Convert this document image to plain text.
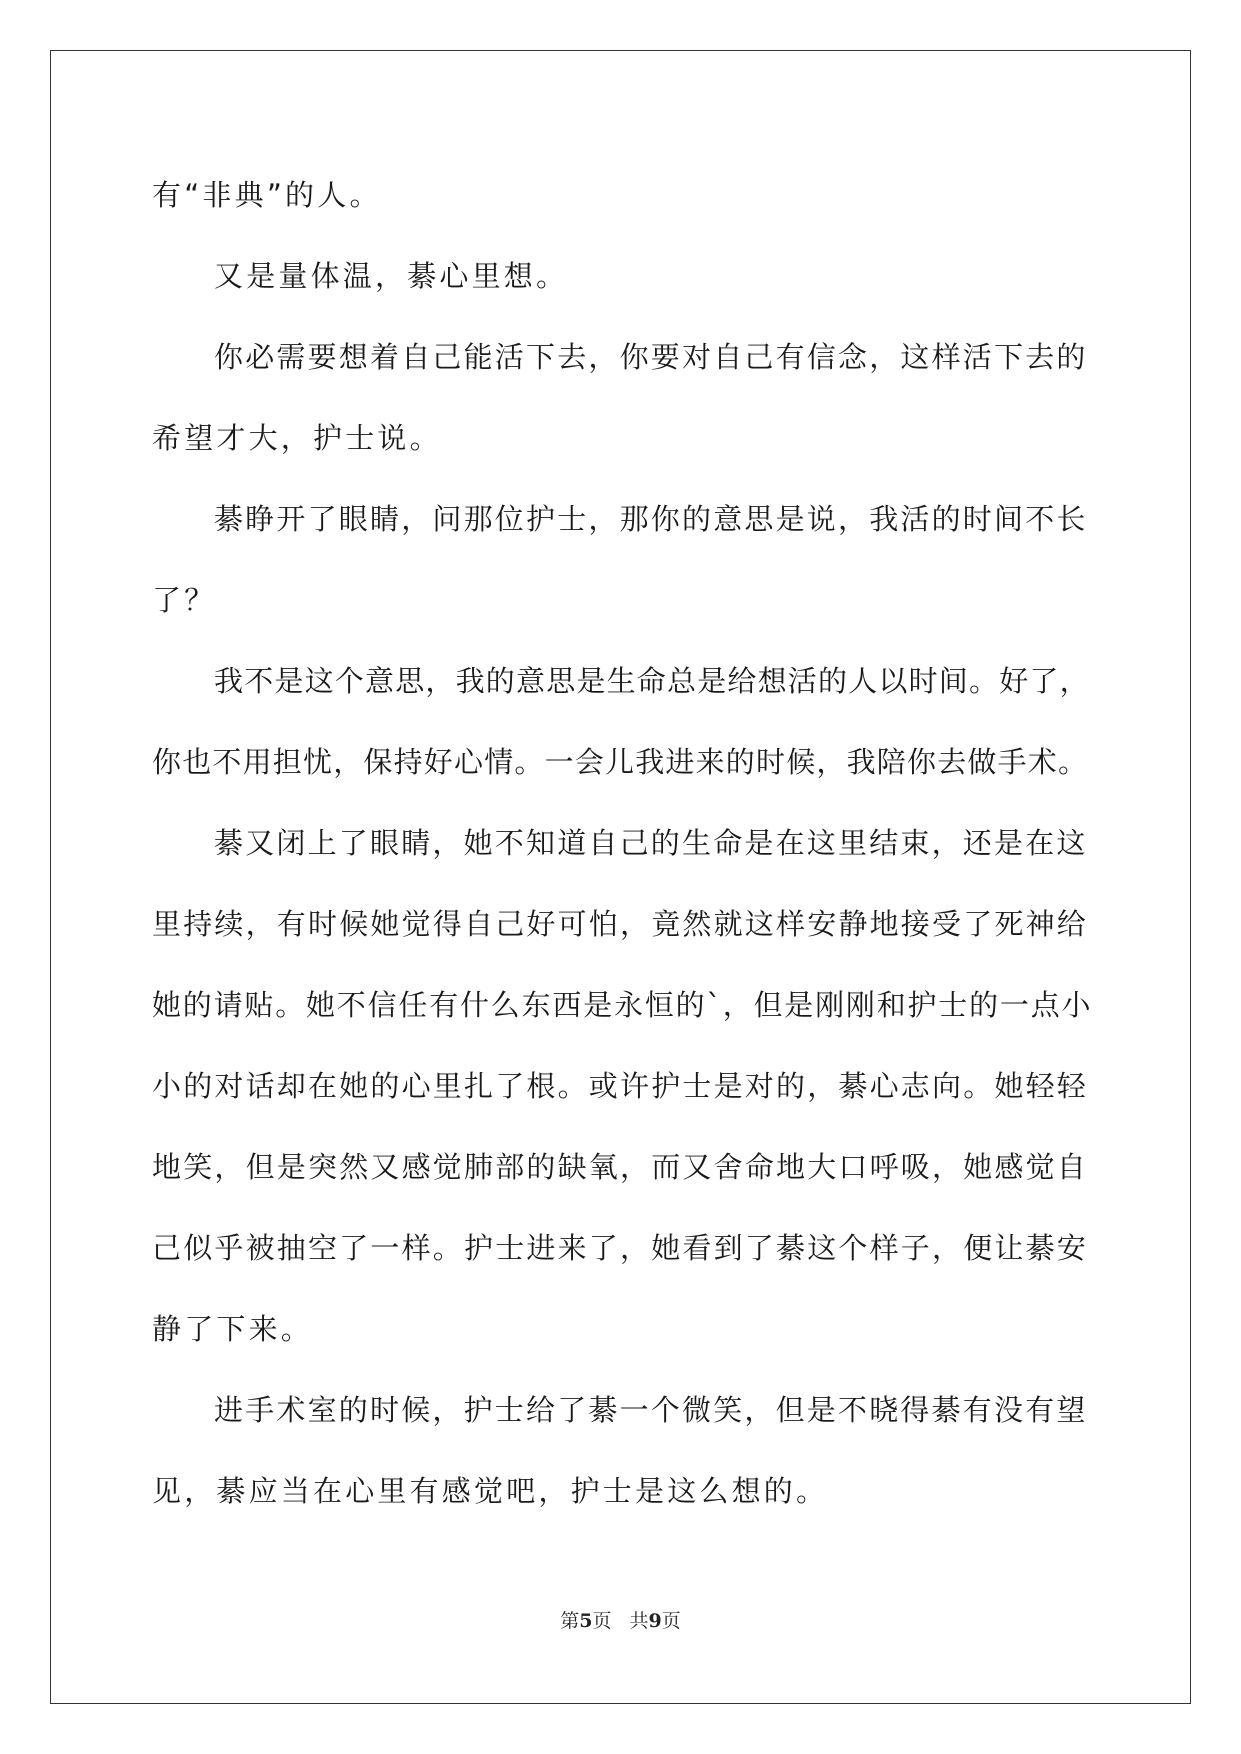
有“非典”的人。
又是量体温，綦心里想。
你必需要想着自己能活下去，你要对自己有信念，这样活下去的
希望才大，护士说。
綦睁开了眼睛，问那位护士，那你的意思是说，我活的时间不长
了？
我不是这个意思，我的意思是生命总是给想活的人以时间。好了，
你也不用担忧，保持好心情。一会儿我进来的时候，我陪你去做手术。
綦又闭上了眼睛，她不知道自己的生命是在这里结束，还是在这
里持续，有时候她觉得自己好可怕，竟然就这样安静地接受了死神给
她的请贴。她不信任有什么东西是永恒的`，但是刚刚和护士的一点小
小的对话却在她的心里扎了根。或许护士是对的，綦心志向。她轻轻
地笑，但是突然又感觉肺部的缺氧，而又舍命地大口呼吸，她感觉自
己似乎被抽空了一样。护士进来了，她看到了綦这个样子，便让綦安
静了下来。
进手术室的时候，护士给了綦一个微笑，但是不晓得綦有没有望
见，綦应当在心里有感觉吧，护士是这么想的。
第5页 共9页
